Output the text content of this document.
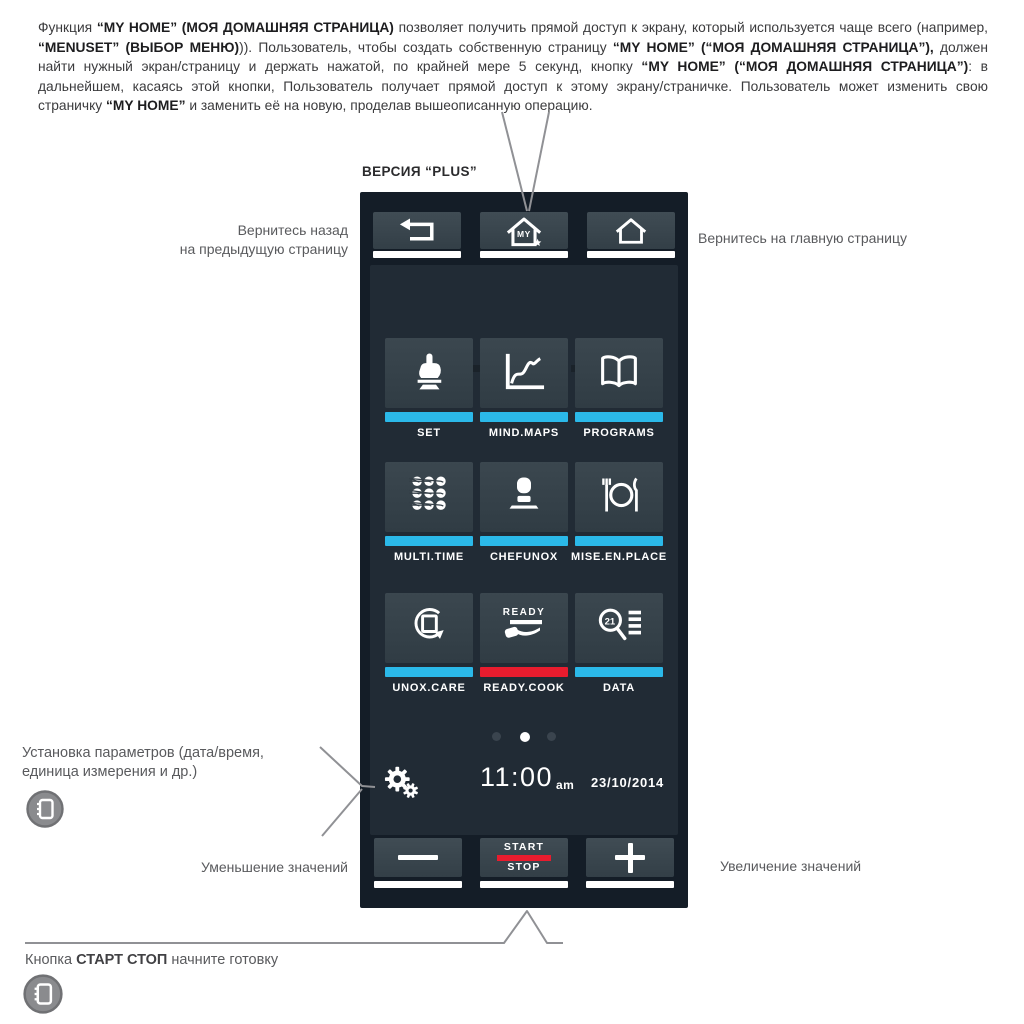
Функция “MY HOME” (МОЯ ДОМАШНЯЯ СТРАНИЦА) позволяет получить прямой доступ к экрану, который используется чаще всего (например, “MENUSET” (ВЫБОР МЕНЮ))). Пользователь, чтобы создать собственную страницу “MY HOME” (“МОЯ ДОМАШНЯЯ СТРАНИЦА”), должен найти нужный экран/страницу и держать нажатой, по крайней мере 5 секунд, кнопку “MY HOME” (“МОЯ ДОМАШНЯЯ СТРАНИЦА”): в дальнейшем, касаясь этой кнопки, Пользователь получает прямой доступ к этому экрану/страничке. Пользователь может изменить свою страничку “MY HOME” и заменить её на новую, проделав вышеописанную операцию.

ВЕРСИЯ “PLUS”
MY
SET	MIND.MAPS	PROGRAMS
MULTI.TIME	CHEFUNOX	MISE.EN.PLACE
UNOX.CARE
READY
READY.COOK
21
DATA
11:00 am 23/10/2014
START
STOP
Вернитесь назад
на предыдущую страницу
Вернитесь на главную страницу
Установка параметров (дата/время,
единица измерения и др.)
Уменьшение значений	Увеличение значений
Кнопка СТАРТ СТОП начните готовку
